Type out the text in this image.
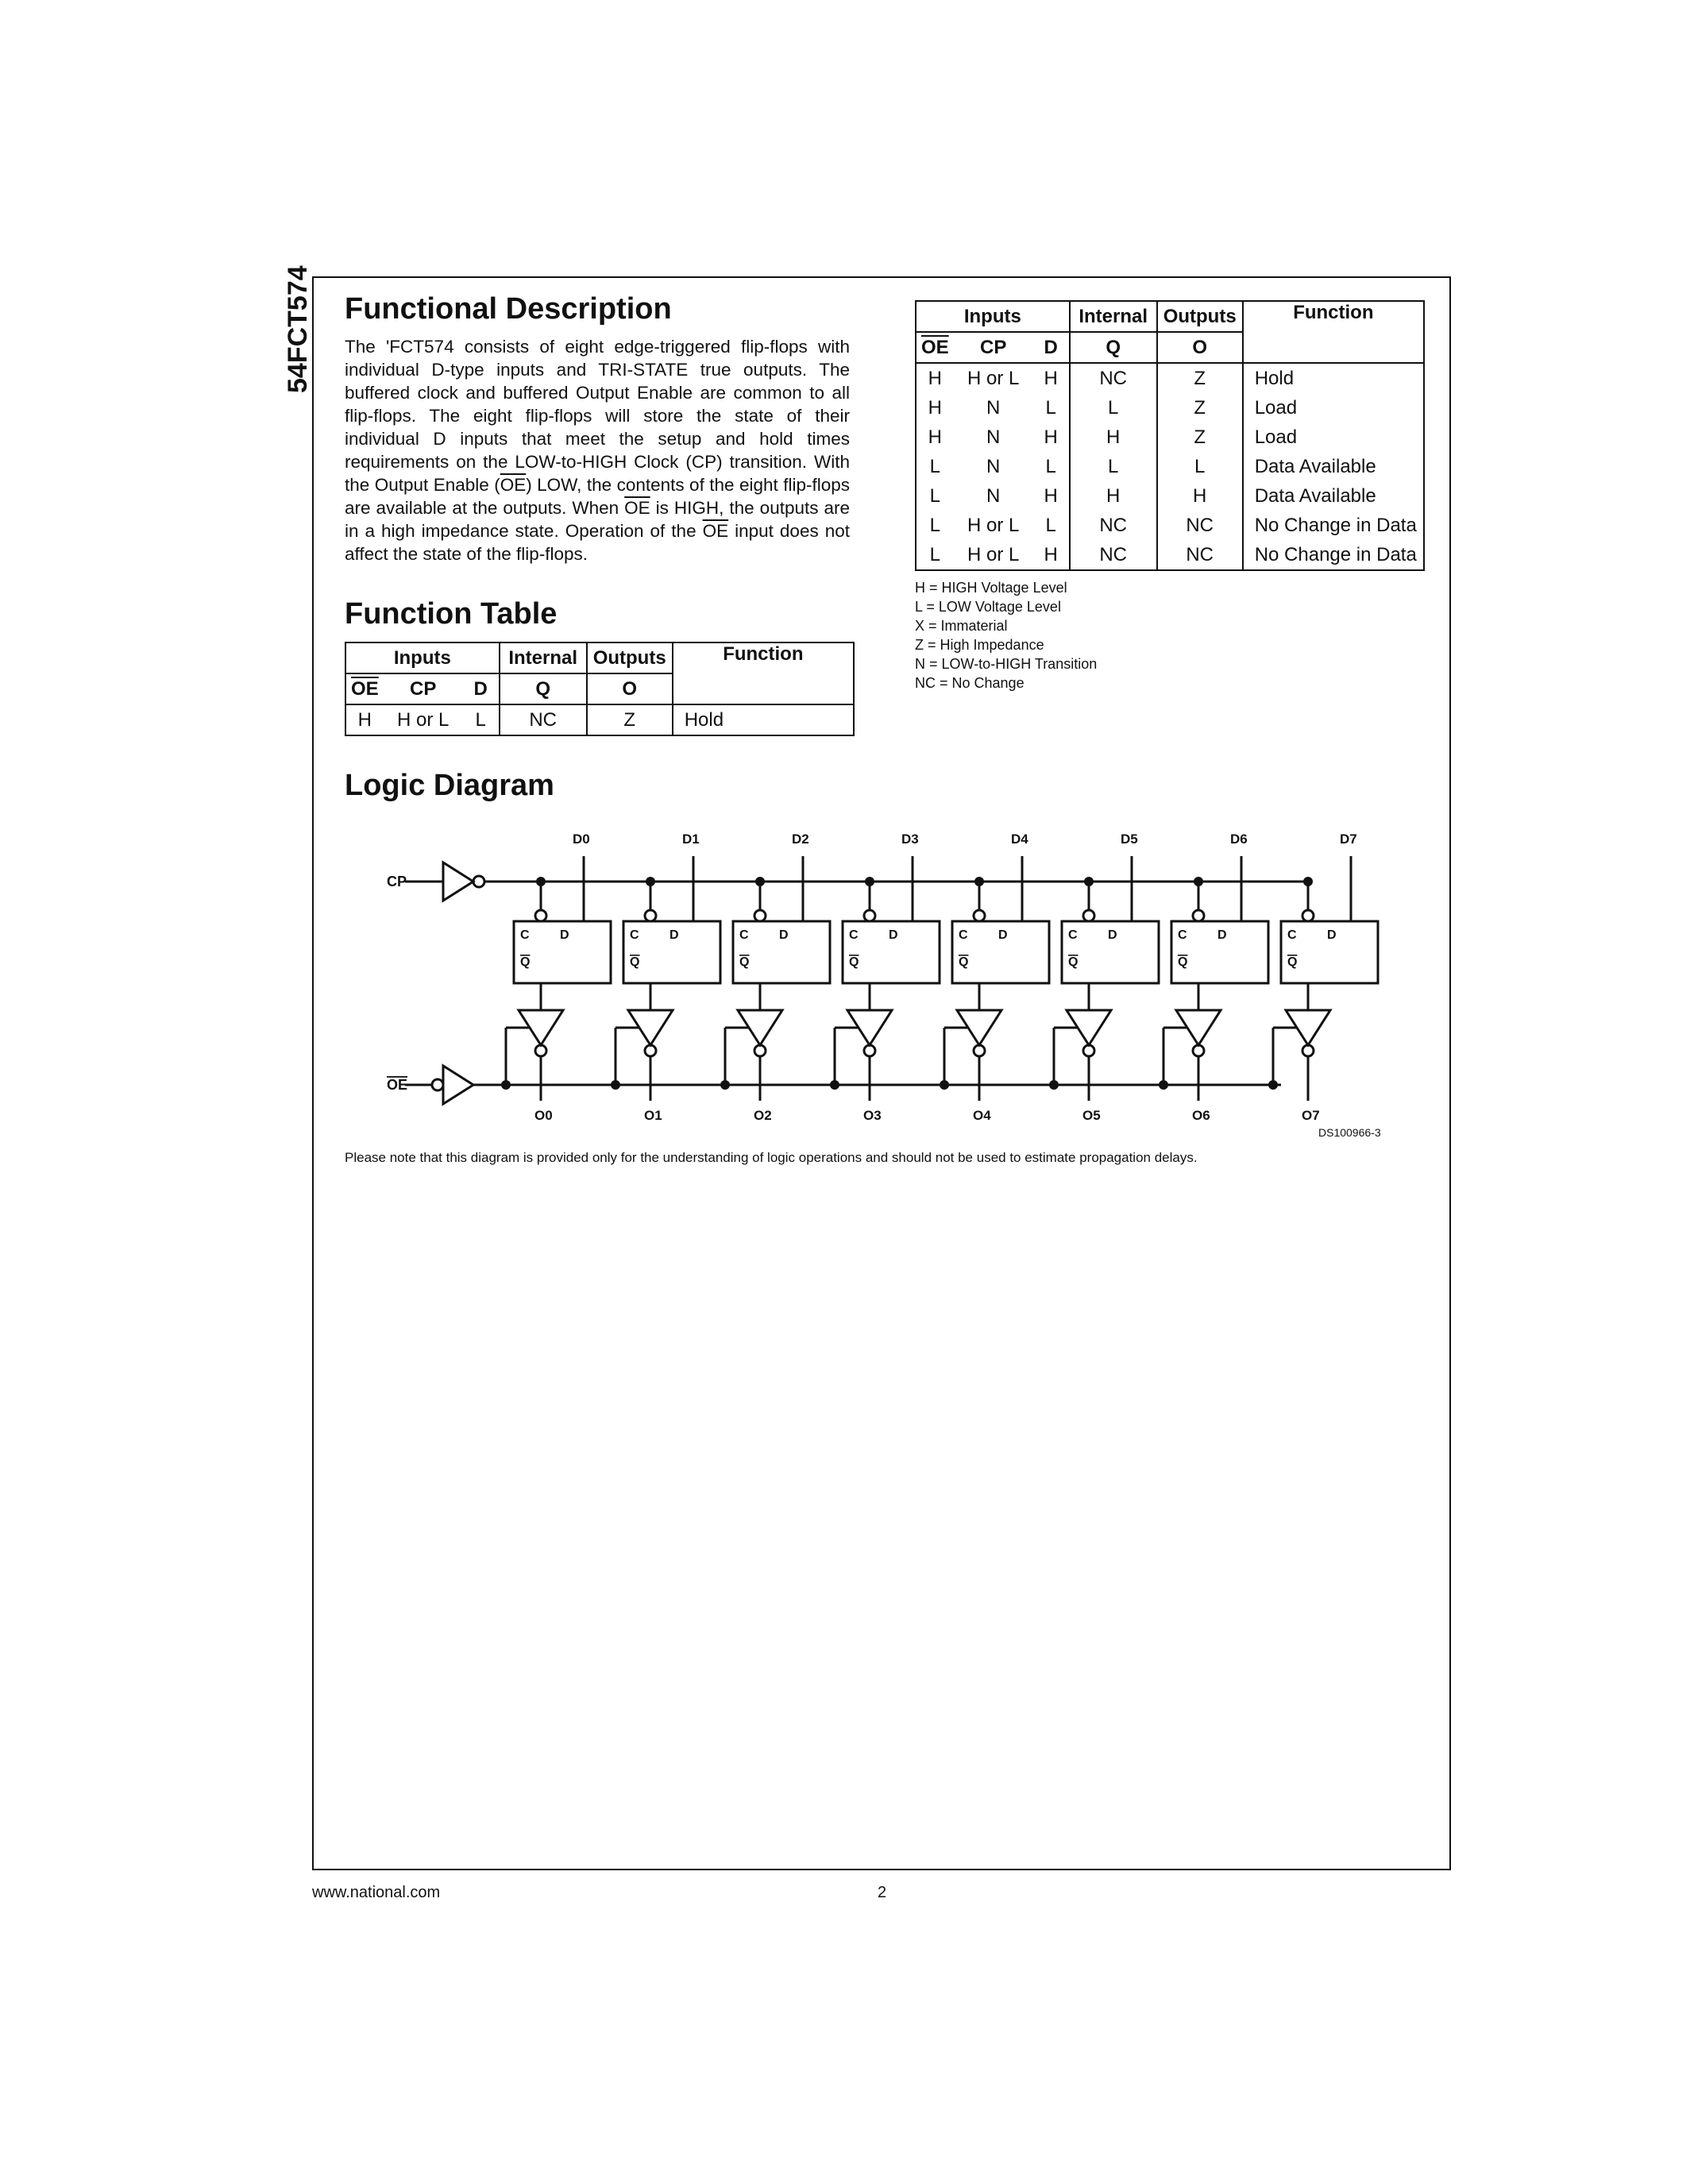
54FCT574 Functional Description
The 'FCT574 consists of eight edge-triggered flip-flops with individual D-type inputs and TRI-STATE true outputs. The buffered clock and buffered Output Enable are common to all flip-flops. The eight flip-flops will store the state of their individual D inputs that meet the setup and hold times requirements on the LOW-to-HIGH Clock (CP) transition. With the Output Enable $(\overline{OE})$ LOW, the contents of the eight flip-flops are available at the outputs. When $\overline{OE}$ is HIGH, the outputs are in a high impedance state. Operation of the $\overline{OE}$ input does not affect the state of the flip-flops.
Function Table
Inputs			Internal	Outputs	Function
$\overline{OE}$	CP	D	Q	O	
H	H or L	L	NC	Z	Hold
Inputs			Internal	Outputs	Function
$\overline{OE}$	CP	D	Q	O	
H	H or L	H	NC	Z	Hold
H	N	L	L	Z	Load
H	N	H	H	Z	Load
L	N	L	L	L	Data Available
L	N	H	H	H	Data Available
L	H or L	L	NC	NC	No Change in Data
L	H or L	H	NC	NC	No Change in Data
H = HIGH Voltage Level
L = LOW Voltage Level
X = Immaterial
Z = High Impedance
N = LOW-to-HIGH Transition
NC = No Change
Logic Diagram
CP
OE
D0
C D
Q
O0
D1
C D
Q
O1
D2
C D
Q
O2
D3
C D
Q
O3
D4
C D
Q
O4
D5
C D
Q
O5
D6
C D
Q
O6
D7
C D
Q
O7
DS100966-3
Please note that this diagram is provided only for the understanding of logic operations and should not be used to estimate propagation delays.
www.national.com	2
